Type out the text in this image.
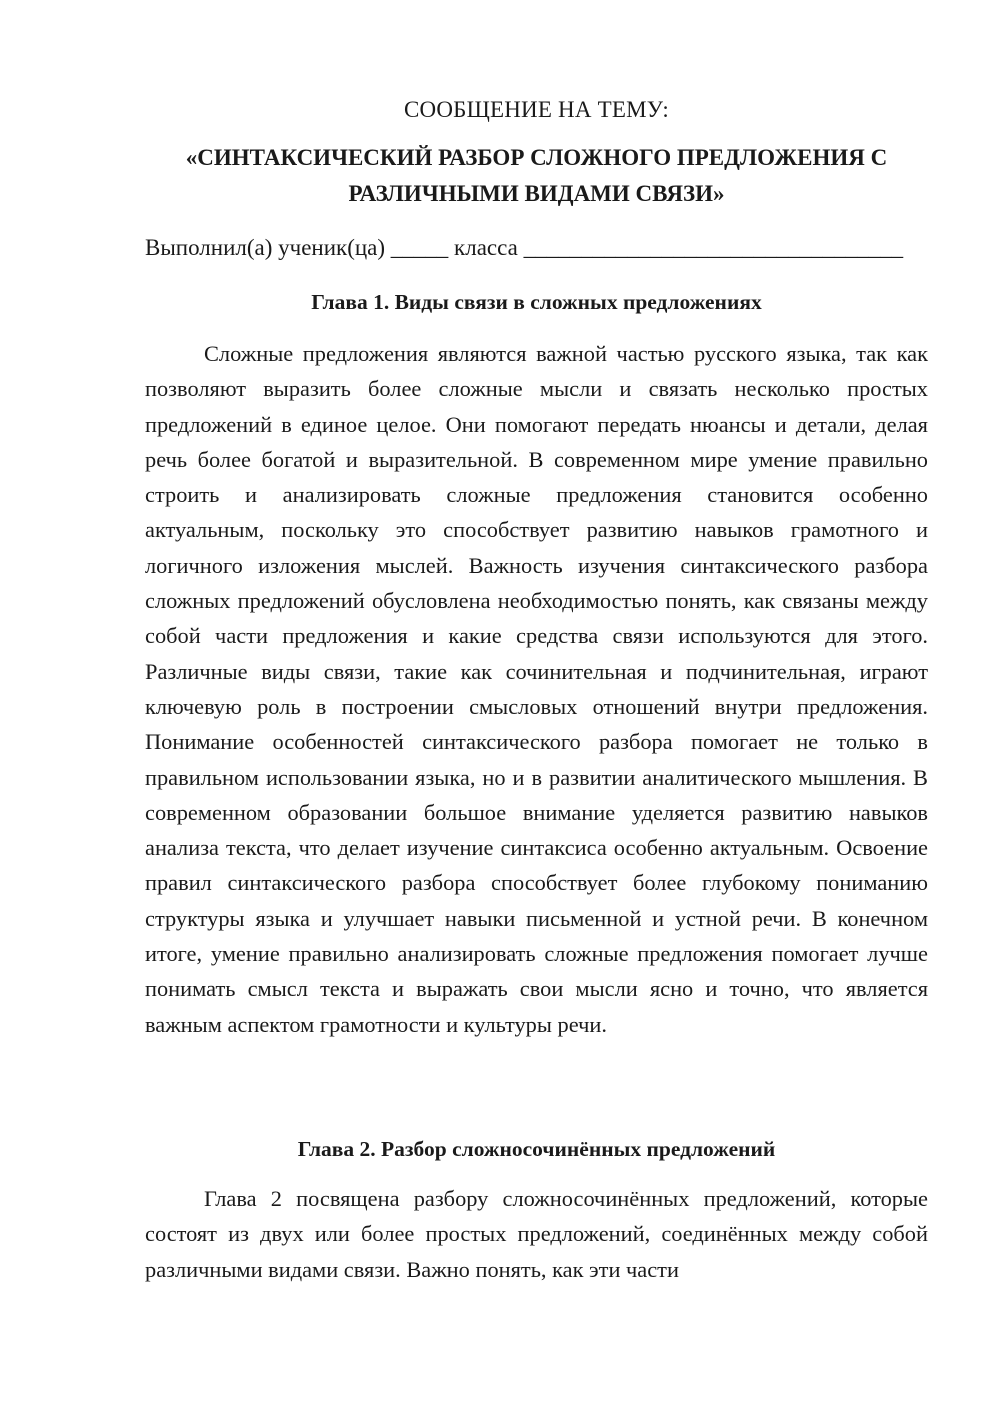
СООБЩЕНИЕ НА ТЕМУ:
«СИНТАКСИЧЕСКИЙ РАЗБОР СЛОЖНОГО ПРЕДЛОЖЕНИЯ С
РАЗЛИЧНЫМИ ВИДАМИ СВЯЗИ»
Выполнил(а) ученик(ца) _____ класса _________________________________
Глава 1. Виды связи в сложных предложениях

Сложные предложения являются важной частью русского языка, так как позволяют выразить более сложные мысли и связать несколько простых предложений в единое целое. Они помогают передать нюансы и детали, делая речь более богатой и выразительной. В современном мире умение правильно строить и анализировать сложные предложения становится особенно актуальным, поскольку это способствует развитию навыков грамотного и логичного изложения мыслей. Важность изучения синтаксического разбора сложных предложений обусловлена необходимостью понять, как связаны между собой части предложения и какие средства связи используются для этого. Различные виды связи, такие как сочинительная и подчинительная, играют ключевую роль в построении смысловых отношений внутри предложения. Понимание особенностей синтаксического разбора помогает не только в правильном использовании языка, но и в развитии аналитического мышления. В современном образовании большое внимание уделяется развитию навыков анализа текста, что делает изучение синтаксиса особенно актуальным. Освоение правил синтаксического разбора способствует более глубокому пониманию структуры языка и улучшает навыки письменной и устной речи. В конечном итоге, умение правильно анализировать сложные предложения помогает лучше понимать смысл текста и выражать свои мысли ясно и точно, что является важным аспектом грамотности и культуры речи.

Глава 2. Разбор сложносочинённых предложений

Глава 2 посвящена разбору сложносочинённых предложений, которые состоят из двух или более простых предложений, соединённых между собой различными видами связи. Важно понять, как эти части
